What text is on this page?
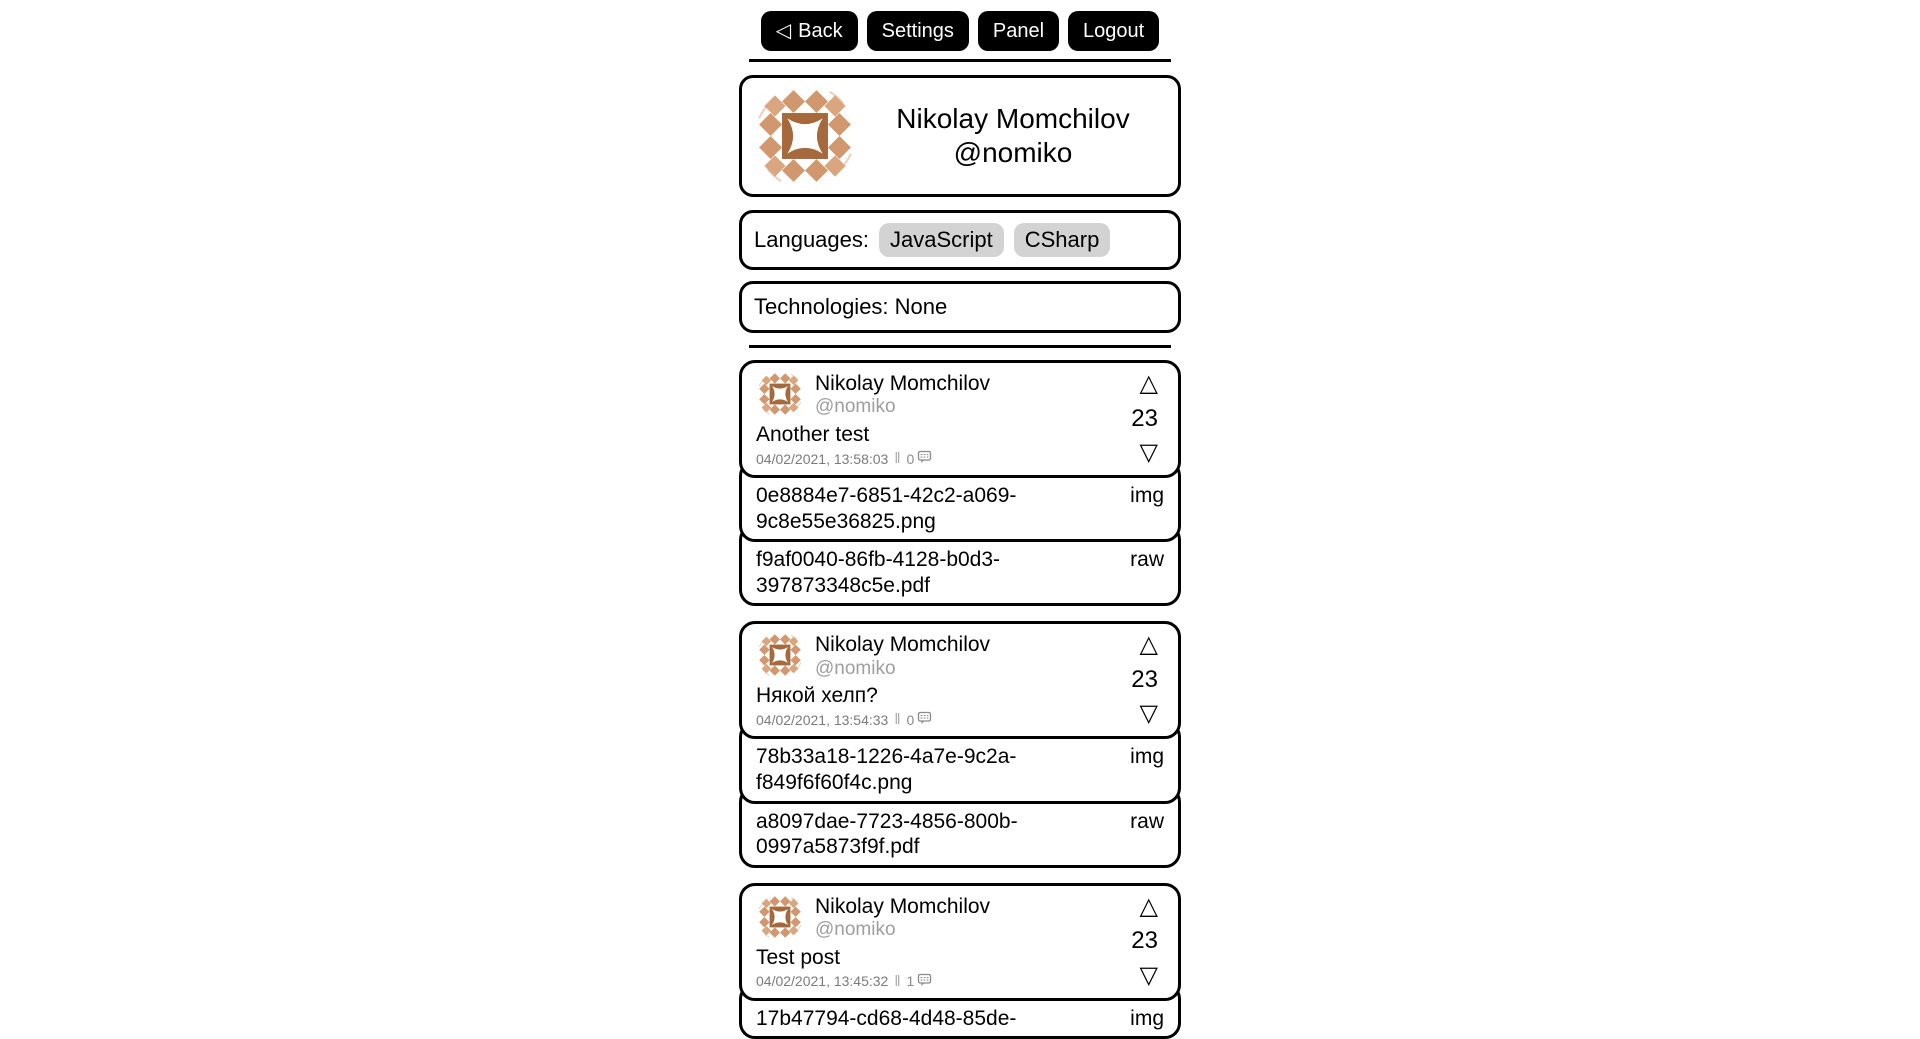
◁ Back	Settings	Panel	Logout
Nikolay Momchilov
@nomiko
Languages: JavaScript	CSharp
Technologies: None
Nikolay Momchilov
@nomiko
Another test
04/02/2021, 13:58:03 ‖ 0
△
23
▽
0e8884e7-6851-42c2-a069-9c8e55e36825.png
img
f9af0040-86fb-4128-b0d3-397873348c5e.pdf
raw
Nikolay Momchilov
@nomiko
Някой хелп?
04/02/2021, 13:54:33 ‖ 0
△
23
▽
78b33a18-1226-4a7e-9c2a-f849f6f60f4c.png
img
a8097dae-7723-4856-800b-0997a5873f9f.pdf
raw
Nikolay Momchilov
@nomiko
Test post
04/02/2021, 13:45:32 ‖ 1
△
23
▽
17b47794-cd68-4d48-85de-	img
